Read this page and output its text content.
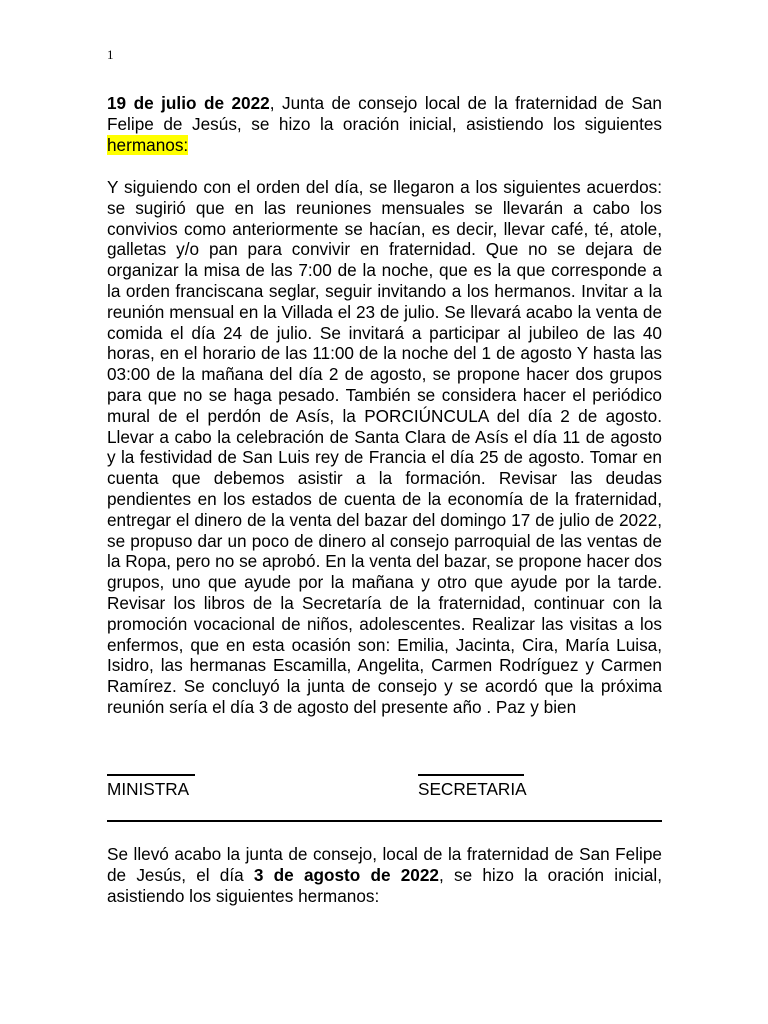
1

19 de julio de 2022, Junta de consejo local de la fraternidad de San Felipe de Jesús, se hizo la oración inicial, asistiendo los siguientes hermanos:

Y siguiendo con el orden del día, se llegaron a los siguientes acuerdos: se sugirió que en las reuniones mensuales se llevarán a cabo los convivios como anteriormente se hacían, es decir, llevar café, té, atole, galletas y/o pan para convivir en fraternidad. Que no se dejara de organizar la misa de las 7:00 de la noche, que es la que corresponde a la orden franciscana seglar, seguir invitando a los hermanos. Invitar a la reunión mensual en la Villada el 23 de julio. Se llevará acabo la venta de comida el día 24 de julio. Se invitará a participar al jubileo de las 40 horas, en el horario de las 11:00 de la noche del 1 de agosto Y hasta las 03:00 de la mañana del día 2 de agosto, se propone hacer dos grupos para que no se haga pesado. También se considera hacer el periódico mural de el perdón de Asís, la PORCIÚNCULA del día 2 de agosto. Llevar a cabo la celebración de Santa Clara de Asís el día 11 de agosto y la festividad de San Luis rey de Francia el día 25 de agosto. Tomar en cuenta que debemos asistir a la formación. Revisar las deudas pendientes en los estados de cuenta de la economía de la fraternidad, entregar el dinero de la venta del bazar del domingo 17 de julio de 2022, se propuso dar un poco de dinero al consejo parroquial de las ventas de la Ropa, pero no se aprobó. En la venta del bazar, se propone hacer dos grupos, uno que ayude por la mañana y otro que ayude por la tarde. Revisar los libros de la Secretaría de la fraternidad, continuar con la promoción vocacional de niños, adolescentes. Realizar las visitas a los enfermos, que en esta ocasión son: Emilia, Jacinta, Cira, María Luisa, Isidro, las hermanas Escamilla, Angelita, Carmen Rodríguez y Carmen Ramírez. Se concluyó la junta de consejo y se acordó que la próxima reunión sería el día 3 de agosto del presente año . Paz y bien

MINISTRA	SECRETARIA

Se llevó acabo la junta de consejo, local de la fraternidad de San Felipe de Jesús, el día 3 de agosto de 2022, se hizo la oración inicial, asistiendo los siguientes hermanos:
